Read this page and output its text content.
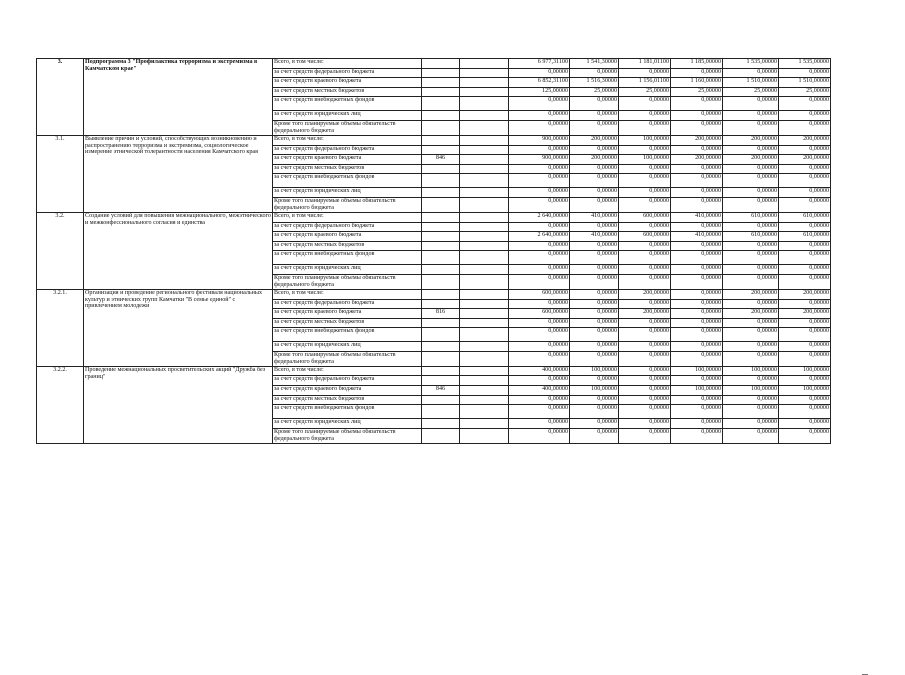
3.	Подпрограмма 3 "Профилактика терроризма и экстремизма в Камчатском крае"	Всего, в том числе:			6 977,31100	1 541,30000	1 181,01100	1 185,00000	1 535,00000	1 535,00000
		за счет средств федерального бюджета			0,00000	0,00000	0,00000	0,00000	0,00000	0,00000
		за счет средств краевого бюджета			6 852,31100	1 516,30000	1 156,01100	1 160,00000	1 510,00000	1 510,00000
		за счет средств местных бюджетов			125,00000	25,00000	25,00000	25,00000	25,00000	25,00000
		за счет средств внебюджетных фондов			0,00000	0,00000	0,00000	0,00000	0,00000	0,00000
		за счет средств юридических лиц			0,00000	0,00000	0,00000	0,00000	0,00000	0,00000
		Кроме того планируемые объемы обязательств федерального бюджета			0,00000	0,00000	0,00000	0,00000	0,00000	0,00000
3.1.	Выявление причин и условий, способствующих возникновению и распространению терроризма и экстремизма, социологическое измерение этнической толерантности населения Камчатского края	Всего, в том числе:			900,00000	200,00000	100,00000	200,00000	200,00000	200,00000
		за счет средств федерального бюджета			0,00000	0,00000	0,00000	0,00000	0,00000	0,00000
		за счет средств краевого бюджета	846		900,00000	200,00000	100,00000	200,00000	200,00000	200,00000
		за счет средств местных бюджетов			0,00000	0,00000	0,00000	0,00000	0,00000	0,00000
		за счет средств внебюджетных фондов			0,00000	0,00000	0,00000	0,00000	0,00000	0,00000
		за счет средств юридических лиц			0,00000	0,00000	0,00000	0,00000	0,00000	0,00000
		Кроме того планируемые объемы обязательств федерального бюджета			0,00000	0,00000	0,00000	0,00000	0,00000	0,00000
3.2.	Создание условий для повышения межнационального, межэтнического и межконфессионального согласия и единства	Всего, в том числе:			2 640,00000	410,00000	600,00000	410,00000	610,00000	610,00000
		за счет средств федерального бюджета			0,00000	0,00000	0,00000	0,00000	0,00000	0,00000
		за счет средств краевого бюджета			2 640,00000	410,00000	600,00000	410,00000	610,00000	610,00000
		за счет средств местных бюджетов			0,00000	0,00000	0,00000	0,00000	0,00000	0,00000
		за счет средств внебюджетных фондов			0,00000	0,00000	0,00000	0,00000	0,00000	0,00000
		за счет средств юридических лиц			0,00000	0,00000	0,00000	0,00000	0,00000	0,00000
		Кроме того планируемые объемы обязательств федерального бюджета			0,00000	0,00000	0,00000	0,00000	0,00000	0,00000
3.2.1.	Организация и проведение регионального фестиваля национальных культур и этнических групп Камчатки "В семье единой" с привлечением молодежи	Всего, в том числе:			600,00000	0,00000	200,00000	0,00000	200,00000	200,00000
		за счет средств федерального бюджета			0,00000	0,00000	0,00000	0,00000	0,00000	0,00000
		за счет средств краевого бюджета	816		600,00000	0,00000	200,00000	0,00000	200,00000	200,00000
		за счет средств местных бюджетов			0,00000	0,00000	0,00000	0,00000	0,00000	0,00000
		за счет средств внебюджетных фондов			0,00000	0,00000	0,00000	0,00000	0,00000	0,00000
		за счет средств юридических лиц			0,00000	0,00000	0,00000	0,00000	0,00000	0,00000
		Кроме того планируемые объемы обязательств федерального бюджета			0,00000	0,00000	0,00000	0,00000	0,00000	0,00000
3.2.2.	Проведение межнациональных просветительских акций "Дружба без границ"	Всего, в том числе:			400,00000	100,00000	0,00000	100,00000	100,00000	100,00000
		за счет средств федерального бюджета			0,00000	0,00000	0,00000	0,00000	0,00000	0,00000
		за счет средств краевого бюджета	846		400,00000	100,00000	0,00000	100,00000	100,00000	100,00000
		за счет средств местных бюджетов			0,00000	0,00000	0,00000	0,00000	0,00000	0,00000
		за счет средств внебюджетных фондов			0,00000	0,00000	0,00000	0,00000	0,00000	0,00000
		за счет средств юридических лиц			0,00000	0,00000	0,00000	0,00000	0,00000	0,00000
		Кроме того планируемые объемы обязательств федерального бюджета			0,00000	0,00000	0,00000	0,00000	0,00000	0,00000
